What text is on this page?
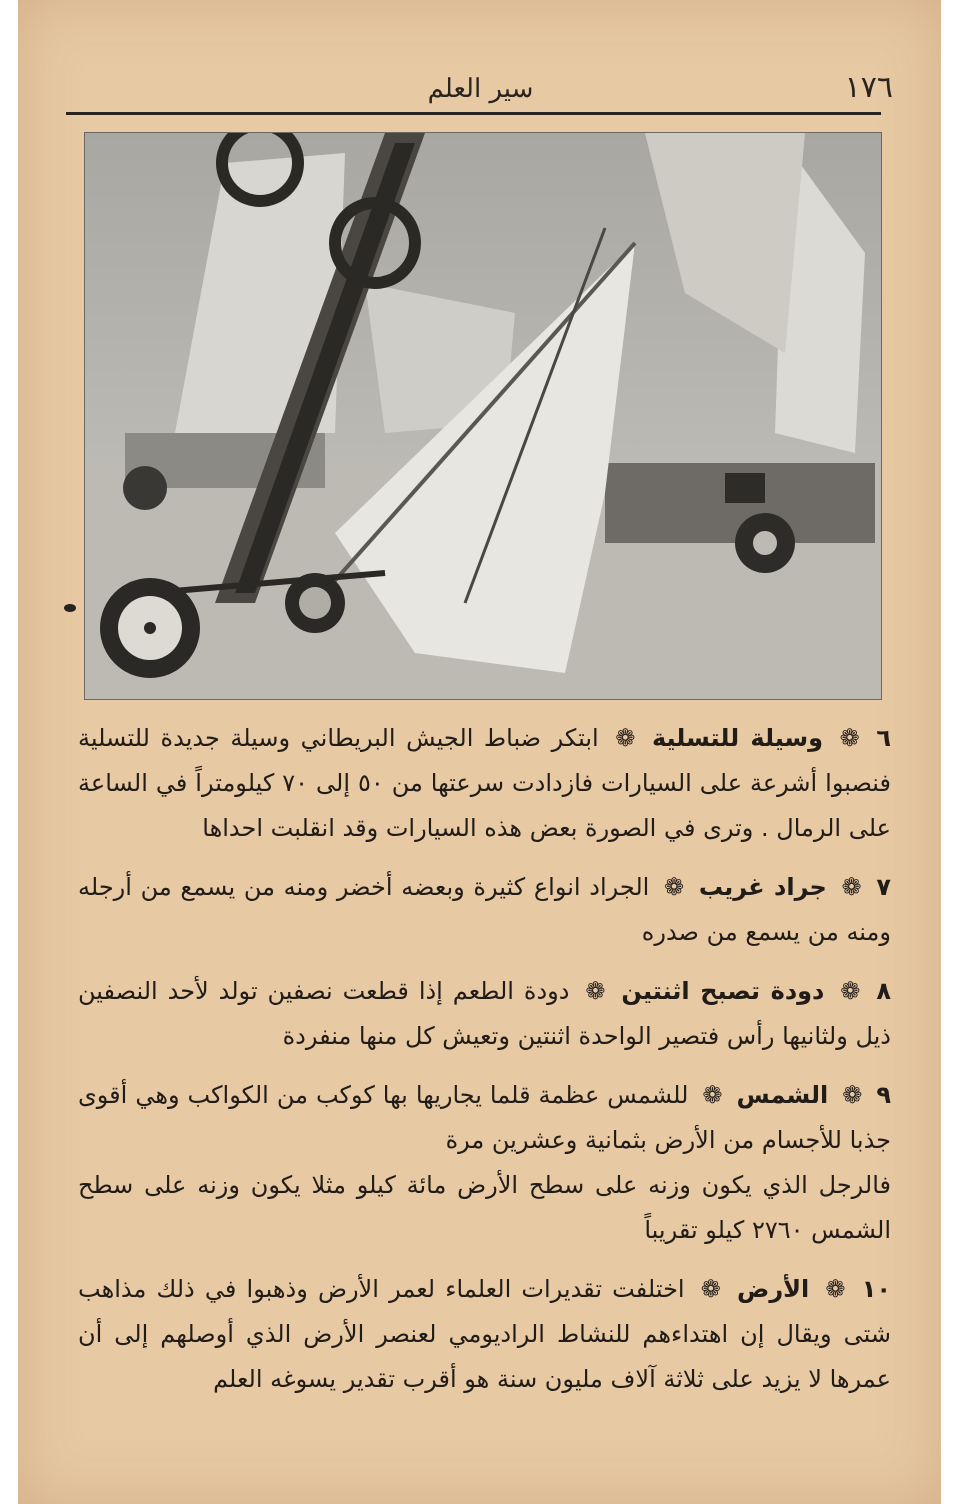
١٧٦
سير العلم

٦ ❁ وسيلة للتسلية ❁ ابتكر ضباط الجيش البريطاني وسيلة جديدة للتسلية فنصبوا أشرعة على السيارات فازدادت سرعتها من ٥٠ إلى ٧٠ كيلومتراً في الساعة على الرمال . وترى في الصورة بعض هذه السيارات وقد انقلبت احداها

٧ ❁ جراد غريب ❁ الجراد انواع كثيرة وبعضه أخضر ومنه من يسمع من أرجله ومنه من يسمع من صدره

٨ ❁ دودة تصبح اثنتين ❁ دودة الطعم إذا قطعت نصفين تولد لأحد النصفين ذيل ولثانيها رأس فتصير الواحدة اثنتين وتعيش كل منها منفردة

٩ ❁ الشمس ❁ للشمس عظمة قلما يجاريها بها كوكب من الكواكب وهي أقوى جذبا للأجسام من الأرض بثمانية وعشرين مرة

فالرجل الذي يكون وزنه على سطح الأرض مائة كيلو مثلا يكون وزنه على سطح الشمس ٢٧٦٠ كيلو تقريباً

١٠ ❁ الأرض ❁ اختلفت تقديرات العلماء لعمر الأرض وذهبوا في ذلك مذاهب شتى ويقال إن اهتداءهم للنشاط الراديومي لعنصر الأرض الذي أوصلهم إلى أن عمرها لا يزيد على ثلاثة آلاف مليون سنة هو أقرب تقدير يسوغه العلم
